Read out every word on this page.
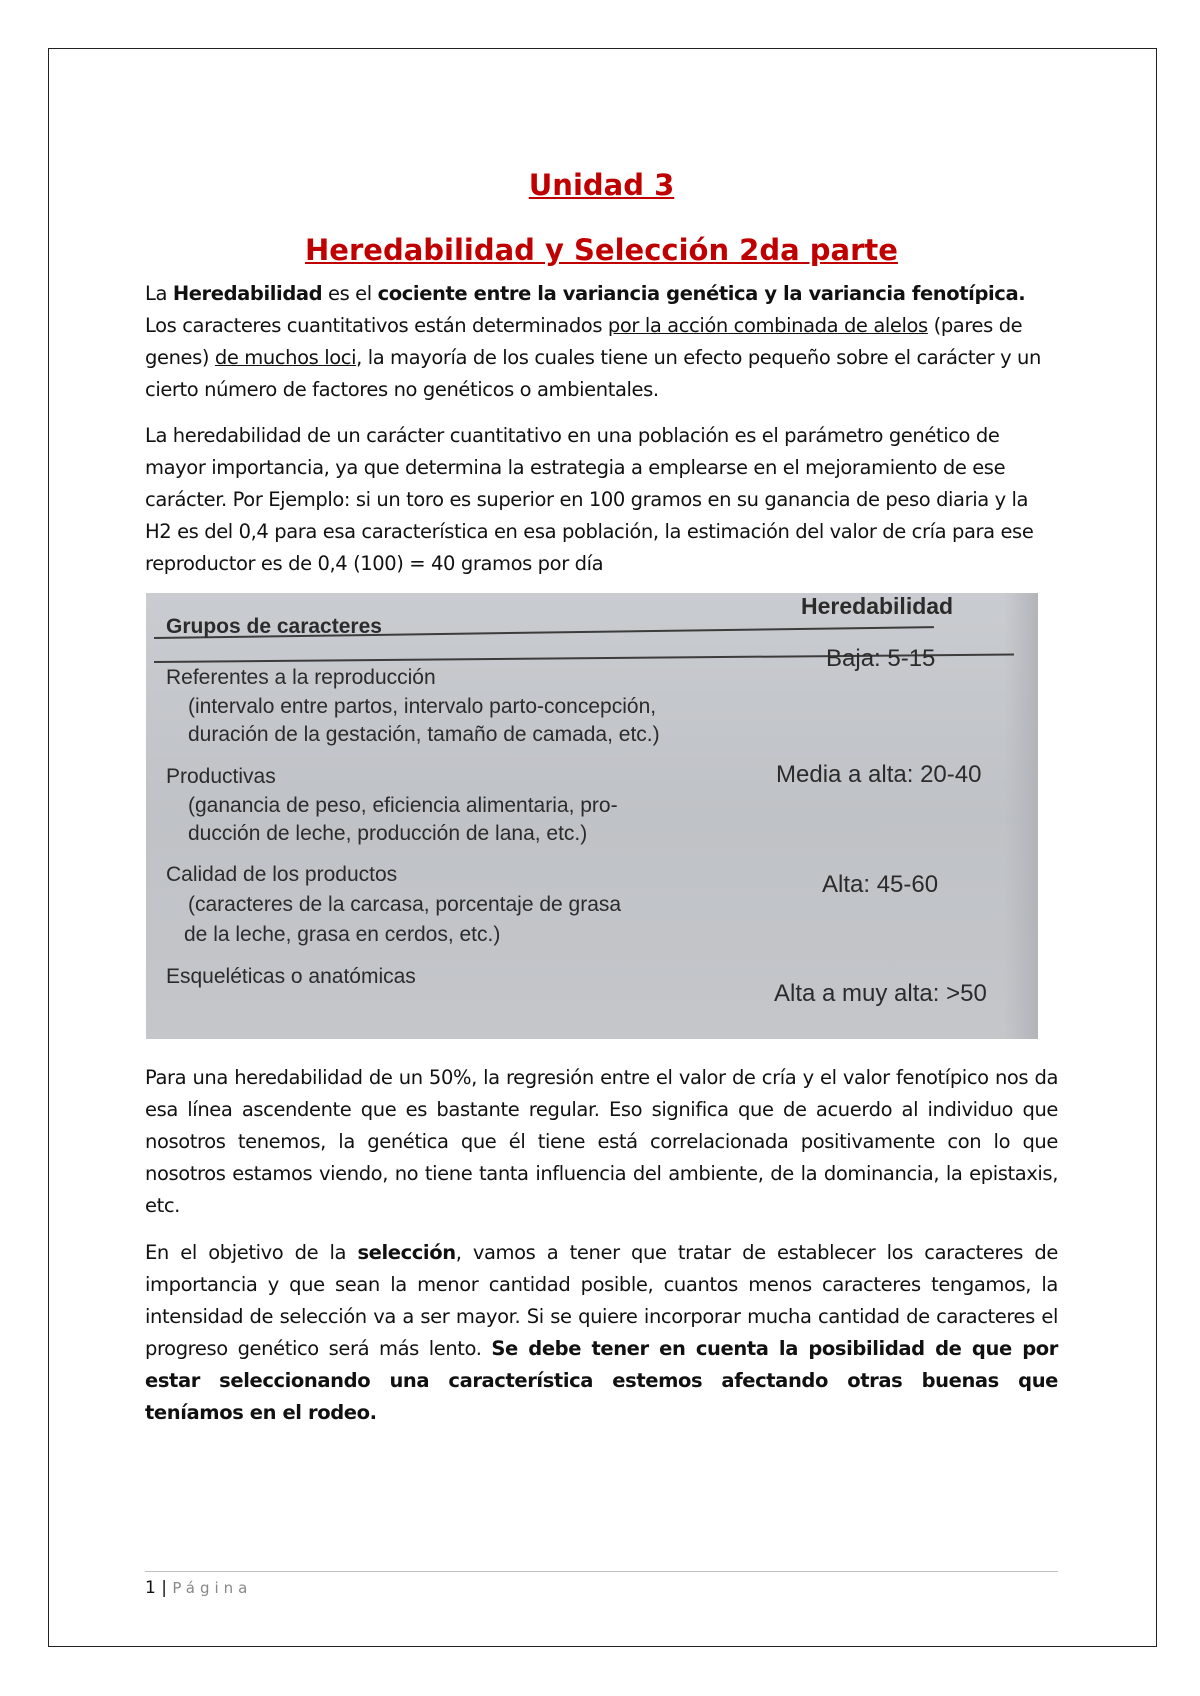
Unidad 3
Heredabilidad y Selección 2da parte

La Heredabilidad es el cociente entre la variancia genética y la variancia fenotípica. Los caracteres cuantitativos están determinados por la acción combinada de alelos (pares de genes) de muchos loci, la mayoría de los cuales tiene un efecto pequeño sobre el carácter y un cierto número de factores no genéticos o ambientales.

La heredabilidad de un carácter cuantitativo en una población es el parámetro genético de mayor importancia, ya que determina la estrategia a emplearse en el mejoramiento de ese carácter. Por Ejemplo: si un toro es superior en 100 gramos en su ganancia de peso diaria y la H2 es del 0,4 para esa característica en esa población, la estimación del valor de cría para ese reproductor es de 0,4 (100) = 40 gramos por día

Grupos de caracteres
Heredabilidad
Referentes a la reproducción
(intervalo entre partos, intervalo parto-concepción,
duración de la gestación, tamaño de camada, etc.)
Baja: 5-15
Productivas
(ganancia de peso, eficiencia alimentaria, pro-
ducción de leche, producción de lana, etc.)
Media a alta: 20-40
Calidad de los productos
(caracteres de la carcasa, porcentaje de grasa
de la leche, grasa en cerdos, etc.)
Alta: 45-60
Esqueléticas o anatómicas
Alta a muy alta: >50

Para una heredabilidad de un 50%, la regresión entre el valor de cría y el valor fenotípico nos da esa línea ascendente que es bastante regular. Eso significa que de acuerdo al individuo que nosotros tenemos, la genética que él tiene está correlacionada positivamente con lo que nosotros estamos viendo, no tiene tanta influencia del ambiente, de la dominancia, la epistaxis, etc.

En el objetivo de la selección, vamos a tener que tratar de establecer los caracteres de importancia y que sean la menor cantidad posible, cuantos menos caracteres tengamos, la intensidad de selección va a ser mayor. Si se quiere incorporar mucha cantidad de caracteres el progreso genético será más lento. Se debe tener en cuenta la posibilidad de que por estar seleccionando una característica estemos afectando otras buenas que teníamos en el rodeo.

1 | Página
